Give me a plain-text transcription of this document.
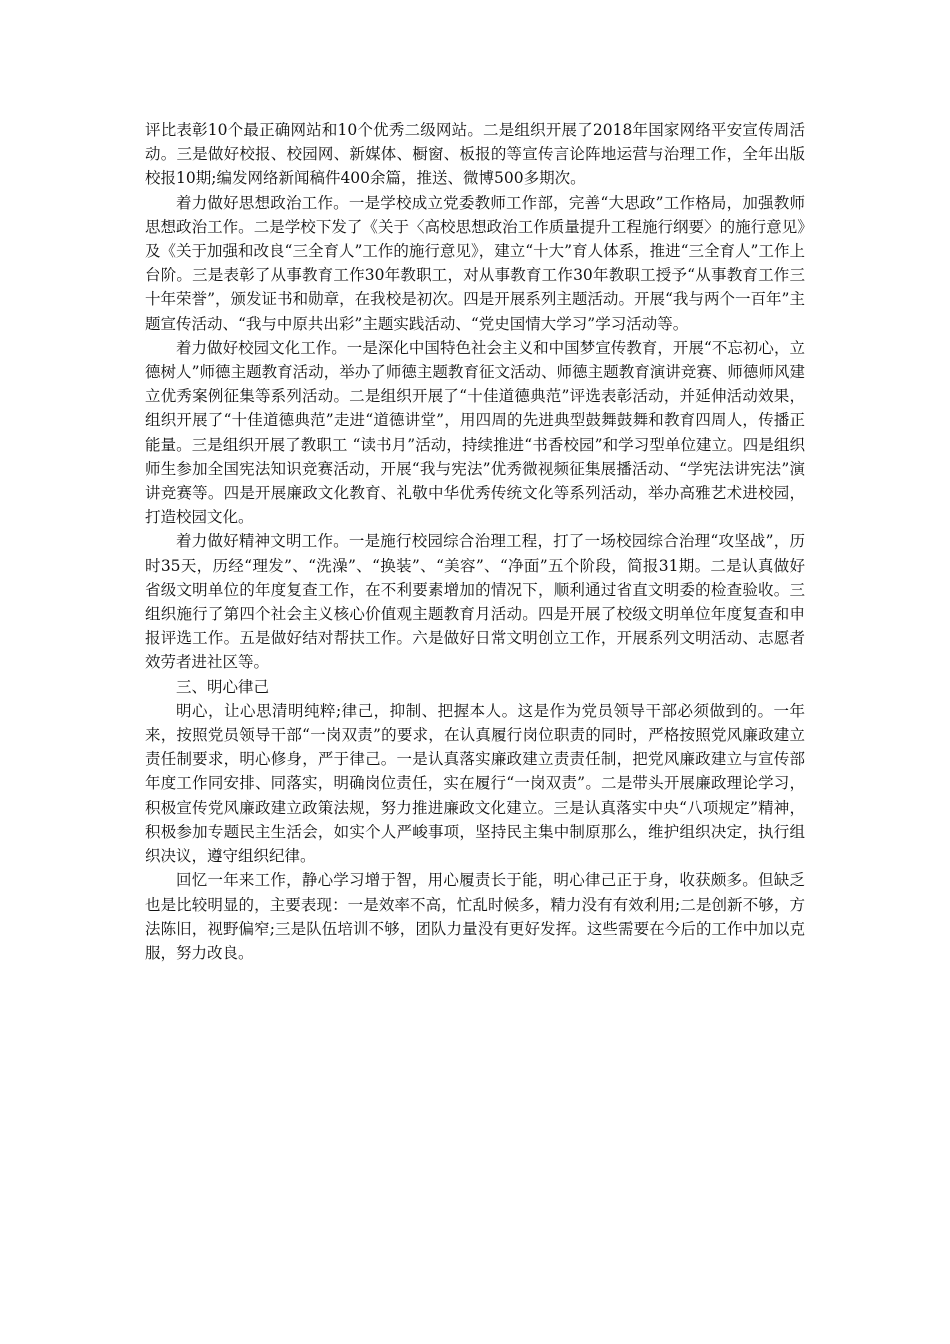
评比表彰10个最正确网站和10个优秀二级网站。二是组织开展了2018年国家网络平安宣传周活动。三是做好校报、校园网、新媒体、橱窗、板报的等宣传言论阵地运营与治理工作，全年出版校报10期;编发网络新闻稿件400余篇，推送、微博500多期次。

着力做好思想政治工作。一是学校成立党委教师工作部，完善“大思政”工作格局，加强教师思想政治工作。二是学校下发了《关于〈高校思想政治工作质量提升工程施行纲要〉的施行意见》及《关于加强和改良“三全育人”工作的施行意见》，建立“十大”育人体系，推进“三全育人”工作上台阶。三是表彰了从事教育工作30年教职工，对从事教育工作30年教职工授予“从事教育工作三十年荣誉”，颁发证书和勋章，在我校是初次。四是开展系列主题活动。开展“我与两个一百年”主题宣传活动、“我与中原共出彩”主题实践活动、“党史国情大学习”学习活动等。

着力做好校园文化工作。一是深化中国特色社会主义和中国梦宣传教育，开展“不忘初心，立德树人”师德主题教育活动，举办了师德主题教育征文活动、师德主题教育演讲竞赛、师德师风建立优秀案例征集等系列活动。二是组织开展了“十佳道德典范”评选表彰活动，并延伸活动效果，组织开展了“十佳道德典范”走进“道德讲堂”，用四周的先进典型鼓舞鼓舞和教育四周人，传播正能量。三是组织开展了教职工 “读书月”活动，持续推进“书香校园”和学习型单位建立。四是组织师生参加全国宪法知识竞赛活动，开展“我与宪法”优秀微视频征集展播活动、“学宪法讲宪法”演讲竞赛等。四是开展廉政文化教育、礼敬中华优秀传统文化等系列活动，举办高雅艺术进校园，打造校园文化。

着力做好精神文明工作。一是施行校园综合治理工程，打了一场校园综合治理“攻坚战”，历时35天，历经“理发”、“洗澡”、“换装”、“美容”、“净面”五个阶段，简报31期。二是认真做好省级文明单位的年度复查工作，在不利要素增加的情况下，顺利通过省直文明委的检查验收。三组织施行了第四个社会主义核心价值观主题教育月活动。四是开展了校级文明单位年度复查和申报评选工作。五是做好结对帮扶工作。六是做好日常文明创立工作，开展系列文明活动、志愿者效劳者进社区等。

三、明心律己

明心，让心思清明纯粹;律己，抑制、把握本人。这是作为党员领导干部必须做到的。一年来，按照党员领导干部“一岗双责”的要求，在认真履行岗位职责的同时，严格按照党风廉政建立责任制要求，明心修身，严于律己。一是认真落实廉政建立责责任制，把党风廉政建立与宣传部年度工作同安排、同落实，明确岗位责任，实在履行“一岗双责”。二是带头开展廉政理论学习，积极宣传党风廉政建立政策法规，努力推进廉政文化建立。三是认真落实中央“八项规定”精神，积极参加专题民主生活会，如实个人严峻事项，坚持民主集中制原那么，维护组织决定，执行组织决议，遵守组织纪律。

回忆一年来工作，静心学习增于智，用心履责长于能，明心律己正于身，收获颇多。但缺乏也是比较明显的，主要表现：一是效率不高，忙乱时候多，精力没有有效利用;二是创新不够，方法陈旧，视野偏窄;三是队伍培训不够，团队力量没有更好发挥。这些需要在今后的工作中加以克服，努力改良。
